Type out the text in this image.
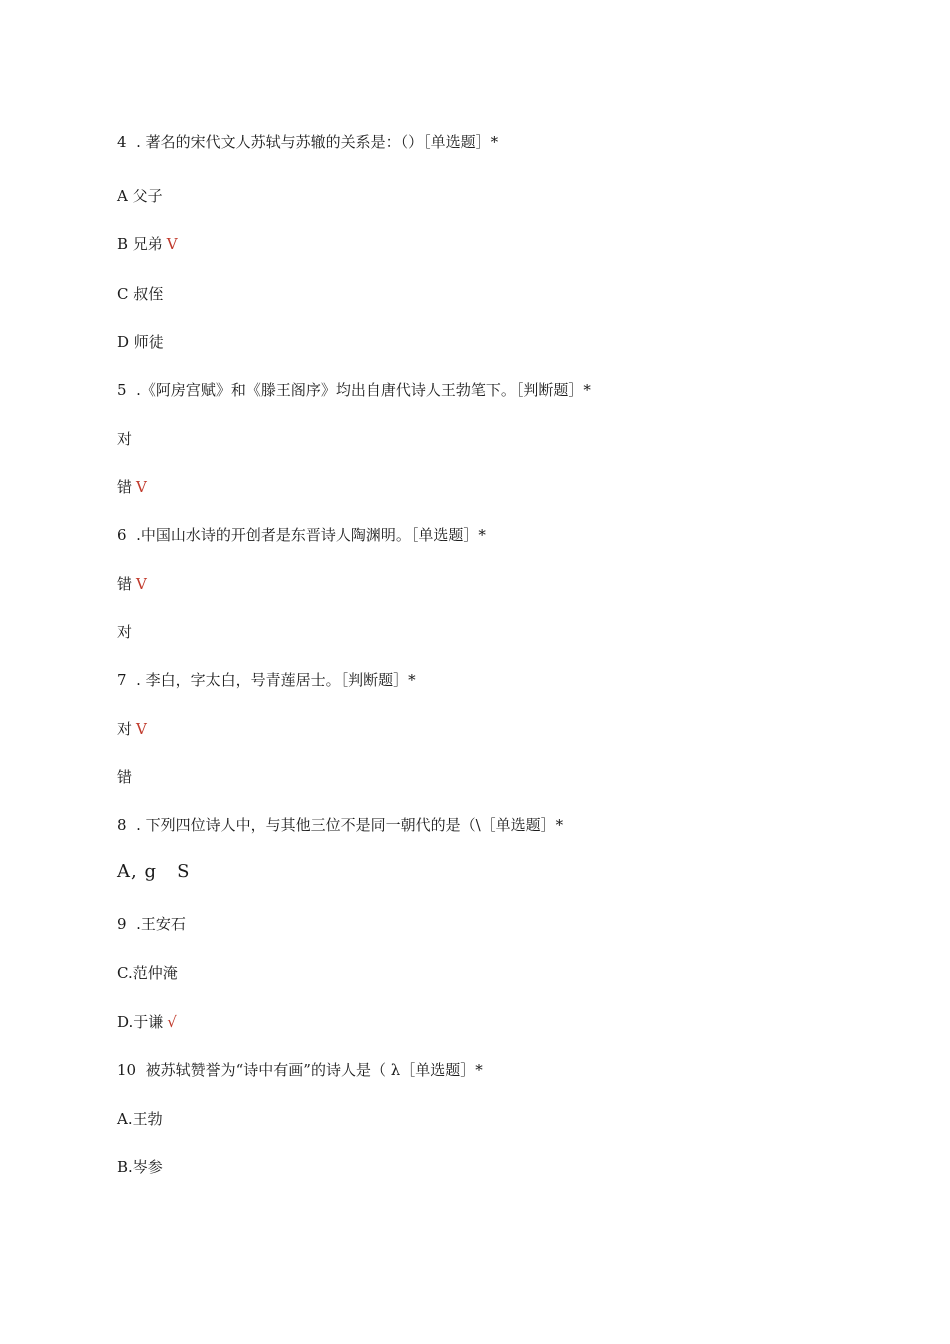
4  . 著名的宋代文人苏轼与苏辙的关系是：（）［单选题］*
A 父子
B 兄弟 V
C 叔侄
D 师徒
5  .《阿房宫赋》和《滕王阁序》均出自唐代诗人王勃笔下。［判断题］*
对
错 V
6  .中国山水诗的开创者是东晋诗人陶渊明。［单选题］*
错 V
对
7  . 李白，字太白，号青莲居士。［判断题］*
对 V
错
8  . 下列四位诗人中，与其他三位不是同一朝代的是（\［单选题］*
A, g   S
9  .王安石
C.范仲淹
D.于谦 √
10  被苏轼赞誉为“诗中有画”的诗人是（ λ［单选题］*
A.王勃
B.岑参
